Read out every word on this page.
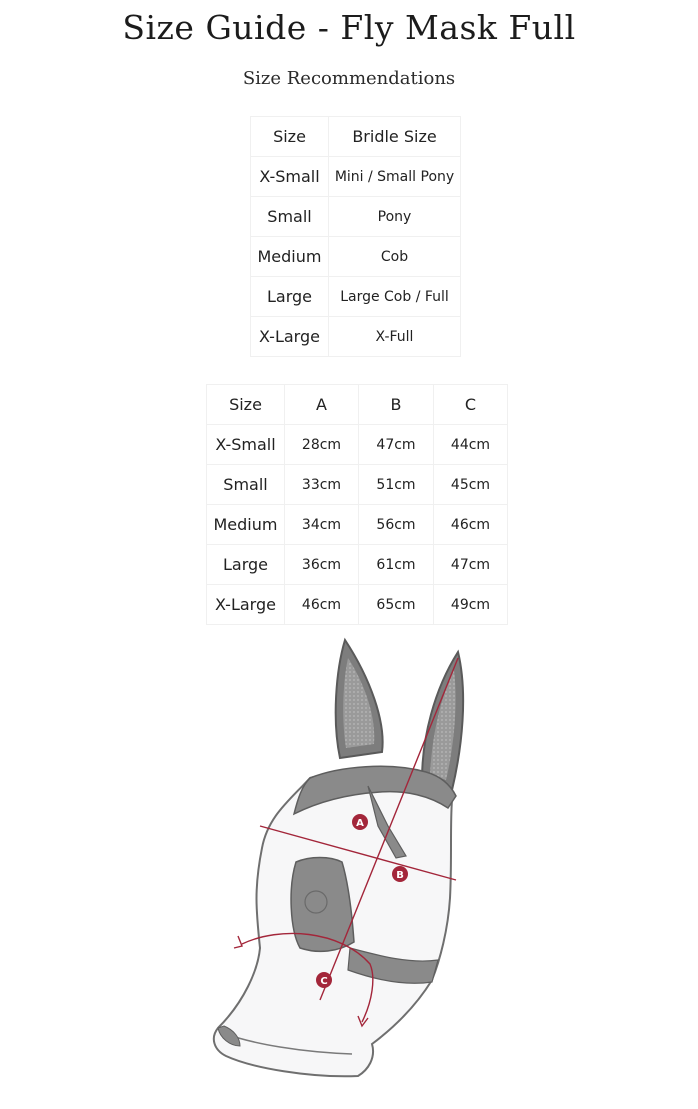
Size Guide - Fly Mask Full
Size Recommendations
Size	Bridle Size
X-Small	Mini / Small Pony
Small	Pony
Medium	Cob
Large	Large Cob / Full
X-Large	X-Full
Size	A	B	C
X-Small	28cm	47cm	44cm
Small	33cm	51cm	45cm
Medium	34cm	56cm	46cm
Large	36cm	61cm	47cm
X-Large	46cm	65cm	49cm
A
B
C
